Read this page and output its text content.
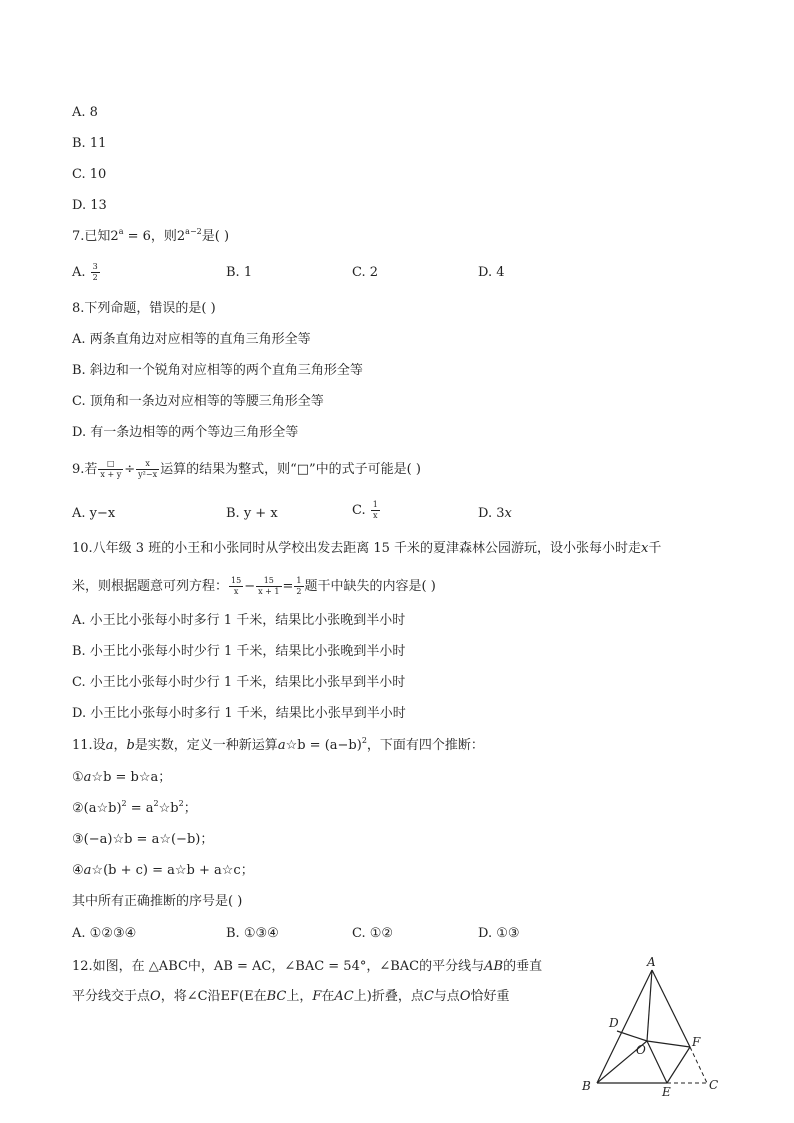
A. 8
B. 11
C. 10
D. 13
7.已知$2^a = 6$，则$2^{a-2}$是( )
A. $\frac{3}{2}$	B. 1	C. 2	D. 4
8.下列命题，错误的是( )
A. 两条直角边对应相等的直角三角形全等
B. 斜边和一个锐角对应相等的两个直角三角形全等
C. 顶角和一条边对应相等的等腰三角形全等
D. 有一条边相等的两个等边三角形全等
9.若 $\frac{□}{x + y} \div \frac{x}{\text{y²−x}}$ 运算的结果为整式，则“□”中的式子可能是( )
A. y−x	B. y + x	C. $\frac{1}{x}$	D. 3x
10.八年级 3 班的小王和小张同时从学校出发去距离 15 千米的夏津森林公园游玩，设小张每小时走x千
米，则根据题意可列方程： $\frac{15}{x} - \frac{15}{x + 1} = \frac{1}{2}$ 题干中缺失的内容是( )
A. 小王比小张每小时多行 1 千米，结果比小张晚到半小时
B. 小王比小张每小时少行 1 千米，结果比小张晚到半小时
C. 小王比小张每小时少行 1 千米，结果比小张早到半小时
D. 小王比小张每小时多行 1 千米，结果比小张早到半小时
11.设a，b是实数，定义一种新运算a☆b = $(a-b)^2$，下面有四个推断：
①a☆b = b☆a；
②(a☆b)$^2$ = $a^2☆b^2$；
③(−a)☆b = a☆(−b)；
④a☆(b + c) = a☆b + a☆c；
其中所有正确推断的序号是( )
A. ①②③④	B. ①③④	C. ①②	D. ①③
12.如图，在 △ABC中，AB = AC，∠BAC = 54°，∠BAC的平分线与AB的垂直
平分线交于点O，将∠C沿EF(E在BC上，F在AC上)折叠，点C与点O恰好重
A
B	C
D
E
F
O
